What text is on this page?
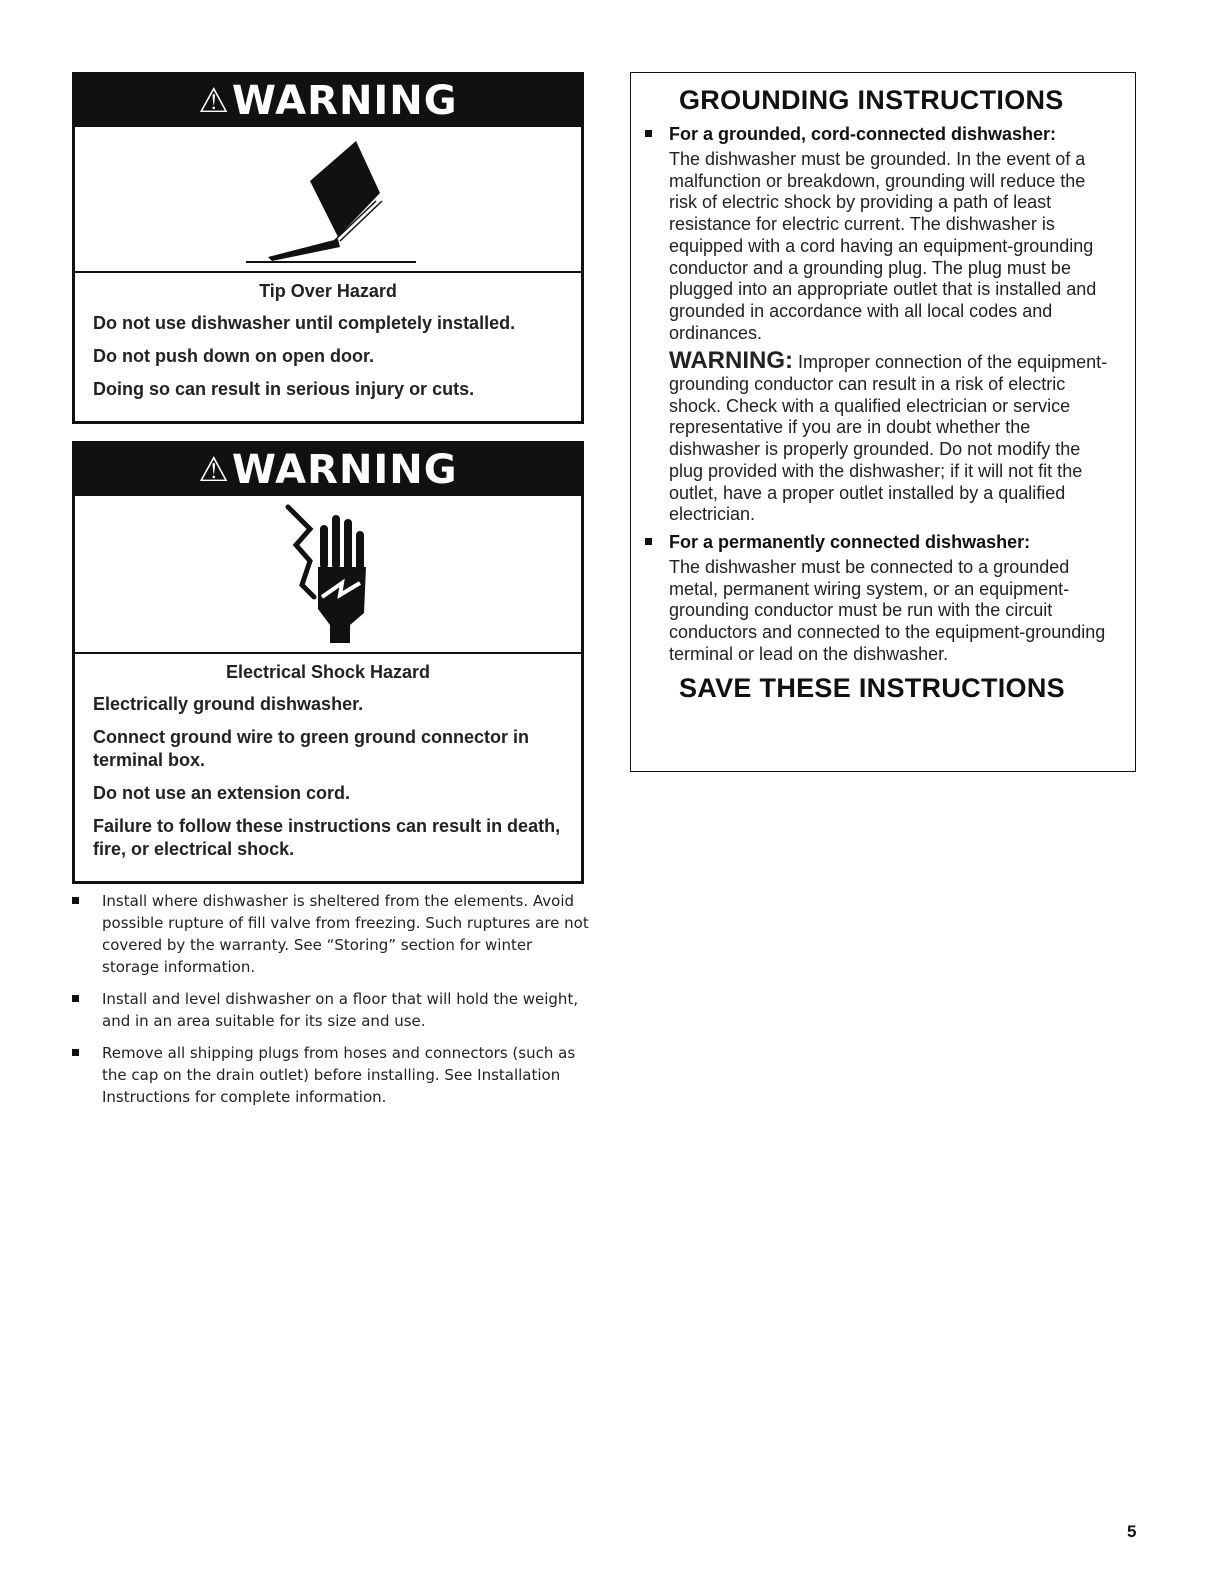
⚠ WARNING
Tip Over Hazard

Do not use dishwasher until completely installed.

Do not push down on open door.

Doing so can result in serious injury or cuts.

⚠ WARNING
Electrical Shock Hazard

Electrically ground dishwasher.

Connect ground wire to green ground connector in terminal box.

Do not use an extension cord.

Failure to follow these instructions can result in death, fire, or electrical shock.

Install where dishwasher is sheltered from the elements. Avoid possible rupture of fill valve from freezing. Such ruptures are not covered by the warranty. See “Storing” section for winter storage information.
Install and level dishwasher on a floor that will hold the weight, and in an area suitable for its size and use.
Remove all shipping plugs from hoses and connectors (such as the cap on the drain outlet) before installing. See Installation Instructions for complete information.
GROUNDING INSTRUCTIONS
For a grounded, cord-connected dishwasher:

The dishwasher must be grounded. In the event of a malfunction or breakdown, grounding will reduce the risk of electric shock by providing a path of least resistance for electric current. The dishwasher is equipped with a cord having an equipment-grounding conductor and a grounding plug. The plug must be plugged into an appropriate outlet that is installed and grounded in accordance with all local codes and ordinances.

WARNING: Improper connection of the equipment-grounding conductor can result in a risk of electric shock. Check with a qualified electrician or service representative if you are in doubt whether the dishwasher is properly grounded. Do not modify the plug provided with the dishwasher; if it will not fit the outlet, have a proper outlet installed by a qualified electrician.

For a permanently connected dishwasher:

The dishwasher must be connected to a grounded metal, permanent wiring system, or an equipment-grounding conductor must be run with the circuit conductors and connected to the equipment-grounding terminal or lead on the dishwasher.

SAVE THESE INSTRUCTIONS
5
